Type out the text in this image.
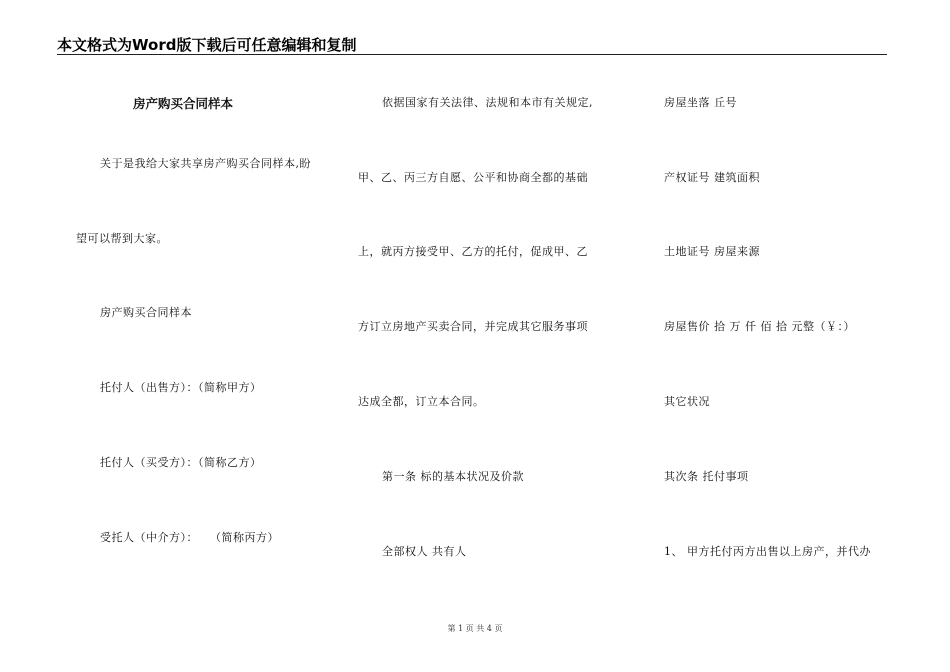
本文格式为Word版下载后可任意编辑和复制
房产购买合同样本
关于是我给大家共享房产购买合同样本,盼
望可以帮到大家。
房产购买合同样本
托付人（出售方）：（简称甲方）
托付人（买受方）：（简称乙方）
受托人（中介方）：　　（简称丙方）
依据国家有关法律、法规和本市有关规定,
甲、乙、丙三方自愿、公平和协商全都的基础
上，就丙方接受甲、乙方的托付，促成甲、乙
方订立房地产买卖合同，并完成其它服务事项
达成全都，订立本合同。
第一条 标的基本状况及价款
全部权人 共有人
房屋坐落 丘号
产权证号 建筑面积
土地证号 房屋来源
房屋售价 拾 万 仟 佰 拾 元整（￥：）
其它状况
其次条 托付事项
1、 甲方托付丙方出售以上房产，并代办
第 1 页 共 4 页
